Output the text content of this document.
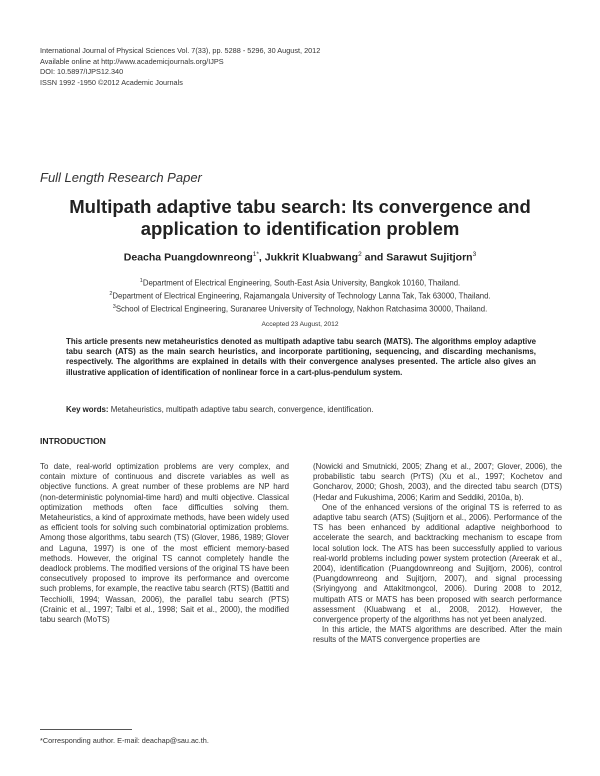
International Journal of Physical Sciences Vol. 7(33), pp. 5288 - 5296, 30 August, 2012
Available online at http://www.academicjournals.org/IJPS
DOI: 10.5897/IJPS12.340
ISSN 1992 -1950 ©2012 Academic Journals
Full Length Research Paper
Multipath adaptive tabu search: Its convergence and application to identification problem
Deacha Puangdownreong$^{1*}$, Jukkrit Kluabwang$^2$ and Sarawut Sujitjorn$^3$
$^1$Department of Electrical Engineering, South-East Asia University, Bangkok 10160, Thailand.
$^2$Department of Electrical Engineering, Rajamangala University of Technology Lanna Tak, Tak 63000, Thailand.
$^3$School of Electrical Engineering, Suranaree University of Technology, Nakhon Ratchasima 30000, Thailand.
Accepted 23 August, 2012
This article presents new metaheuristics denoted as multipath adaptive tabu search (MATS). The algorithms employ adaptive tabu search (ATS) as the main search heuristics, and incorporate partitioning, sequencing, and discarding mechanisms, respectively. The algorithms are explained in details with their convergence analyses presented. The article also gives an illustrative application of identification of nonlinear force in a cart-plus-pendulum system.
Key words: Metaheuristics, multipath adaptive tabu search, convergence, identification.
INTRODUCTION

To date, real-world optimization problems are very complex, and contain mixture of continuous and discrete variables as well as objective functions. A great number of these problems are NP hard (non-deterministic polynomial-time hard) and multi objective. Classical optimization methods often face difficulties solving them. Metaheuristics, a kind of approximate methods, have been widely used as efficient tools for solving such combinatorial optimization problems. Among those algorithms, tabu search (TS) (Glover, 1986, 1989; Glover and Laguna, 1997) is one of the most efficient memory-based methods. However, the original TS cannot completely handle the deadlock problems. The modified versions of the original TS have been consecutively proposed to improve its performance and overcome such problems, for example, the reactive tabu search (RTS) (Battiti and Tecchiolli, 1994; Wassan, 2006), the parallel tabu search (PTS) (Crainic et al., 1997; Talbi et al., 1998; Sait et al., 2000), the modified tabu search (MoTS)

(Nowicki and Smutnicki, 2005; Zhang et al., 2007; Glover, 2006), the probabilistic tabu search (PrTS) (Xu et al., 1997; Kochetov and Goncharov, 2000; Ghosh, 2003), and the directed tabu search (DTS) (Hedar and Fukushima, 2006; Karim and Seddiki, 2010a, b).

One of the enhanced versions of the original TS is referred to as adaptive tabu search (ATS) (Sujitjorn et al., 2006). Performance of the TS has been enhanced by additional adaptive neighborhood to accelerate the search, and backtracking mechanism to escape from local solution lock. The ATS has been successfully applied to various real-world problems including power system protection (Areerak et al., 2004), identification (Puangdownreong and Sujitjorn, 2006), control (Puangdownreong and Sujitjorn, 2007), and signal processing (Sriyingyong and Attakitmongcol, 2006). During 2008 to 2012, multipath ATS or MATS has been proposed with search performance assessment (Kluabwang et al., 2008, 2012). However, the convergence property of the algorithms has not yet been analyzed.

In this article, the MATS algorithms are described. After the main results of the MATS convergence properties are

*Corresponding author. E-mail: deachap@sau.ac.th.
